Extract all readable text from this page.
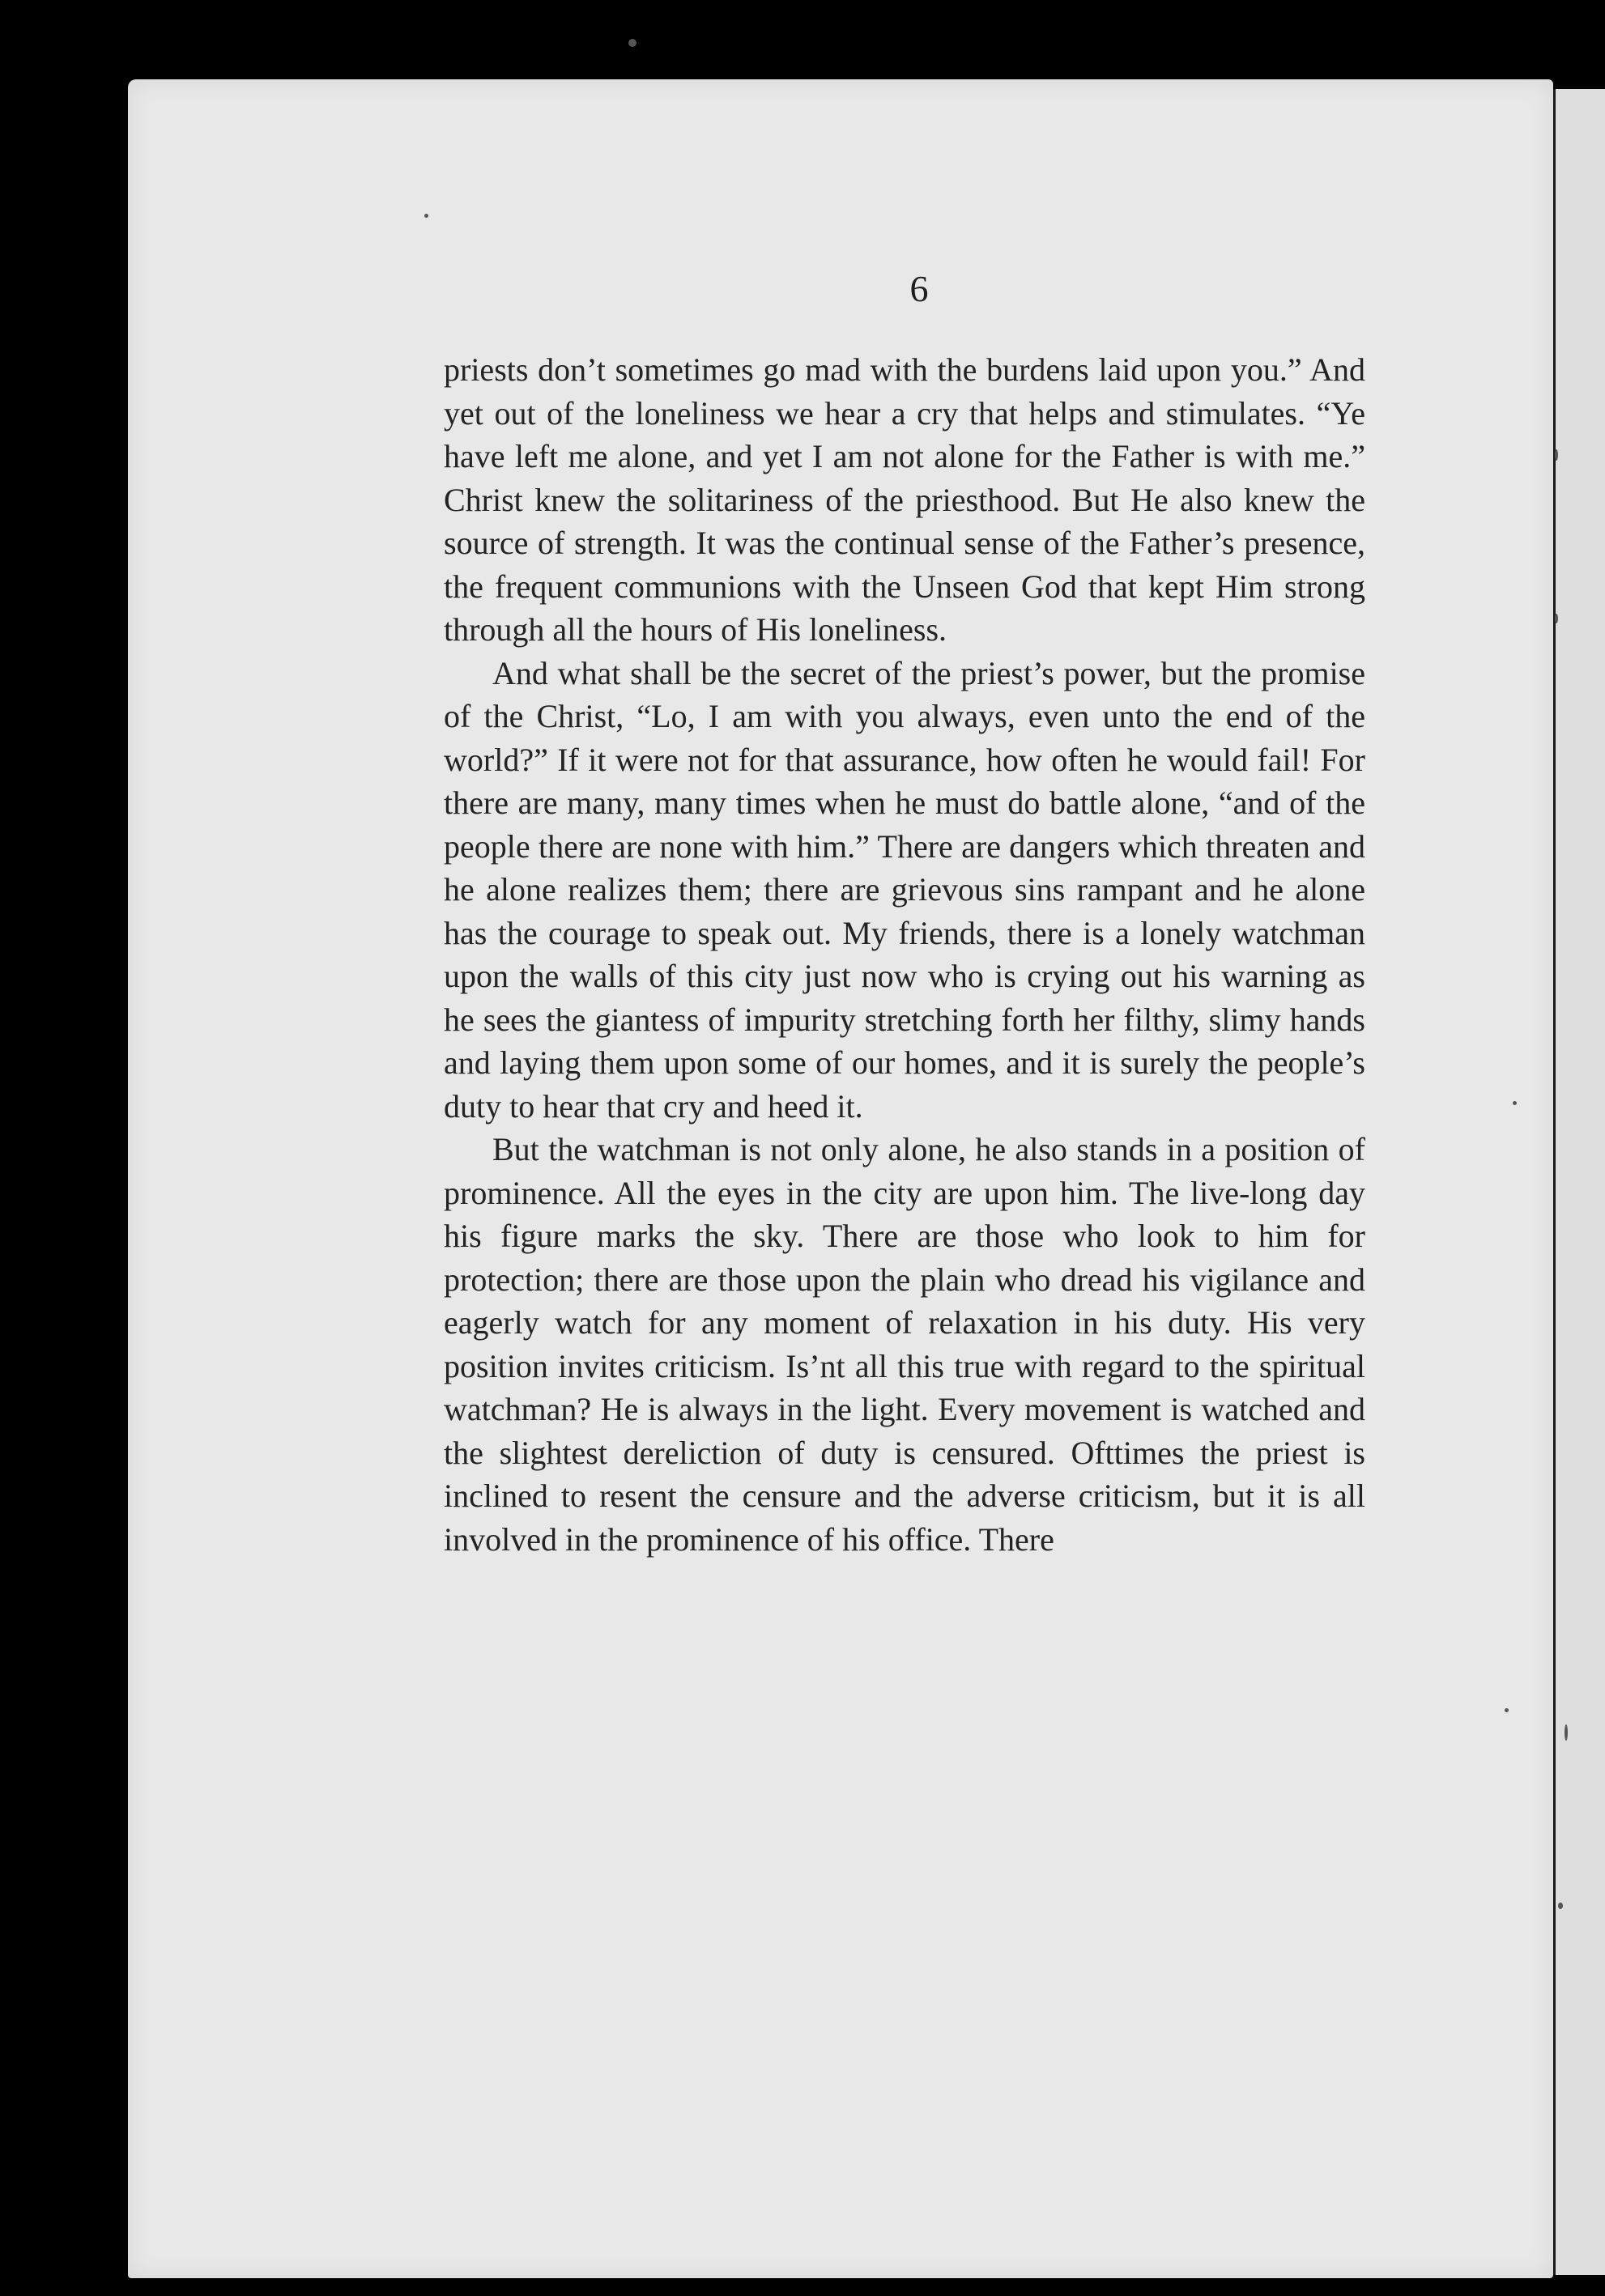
6

priests don’t sometimes go mad with the burdens laid upon you.” And yet out of the loneliness we hear a cry that helps and stimulates. “Ye have left me alone, and yet I am not alone for the Father is with me.” Christ knew the solitariness of the priesthood. But He also knew the source of strength. It was the continual sense of the Father’s presence, the frequent communions with the Unseen God that kept Him strong through all the hours of His loneliness.

And what shall be the secret of the priest’s power, but the promise of the Christ, “Lo, I am with you always, even unto the end of the world?” If it were not for that assurance, how often he would fail! For there are many, many times when he must do battle alone, “and of the people there are none with him.” There are dangers which threaten and he alone realizes them; there are grievous sins rampant and he alone has the courage to speak out. My friends, there is a lonely watchman upon the walls of this city just now who is crying out his warning as he sees the giantess of impurity stretching forth her filthy, slimy hands and laying them upon some of our homes, and it is surely the people’s duty to hear that cry and heed it.

But the watchman is not only alone, he also stands in a position of prominence. All the eyes in the city are upon him. The live-long day his figure marks the sky. There are those who look to him for protection; there are those upon the plain who dread his vigilance and eagerly watch for any moment of relaxation in his duty. His very position invites criticism. Is’nt all this true with regard to the spiritual watchman? He is always in the light. Every movement is watched and the slightest dereliction of duty is censured. Ofttimes the priest is inclined to resent the censure and the adverse criticism, but it is all involved in the prominence of his office. There
